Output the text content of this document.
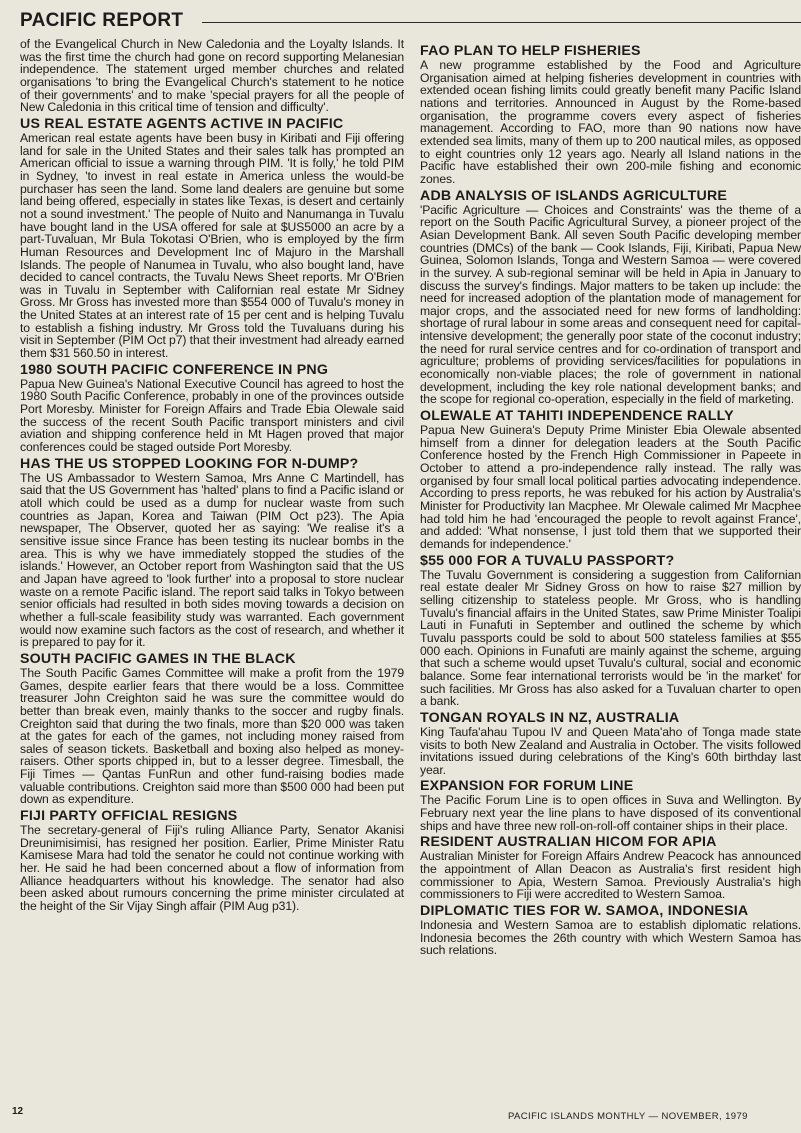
PACIFIC REPORT

of the Evangelical Church in New Caledonia and the Loyalty Islands. It was the first time the church had gone on record supporting Melanesian independence. The statement urged member churches and related organisations 'to bring the Evangelical Church's statement to he notice of their governments' and to make 'special prayers for all the people of New Caledonia in this critical time of tension and difficulty'.

US REAL ESTATE AGENTS ACTIVE IN PACIFIC

American real estate agents have been busy in Kiribati and Fiji offering land for sale in the United States and their sales talk has prompted an American official to issue a warning through PIM. 'It is folly,' he told PIM in Sydney, 'to invest in real estate in America unless the would-be purchaser has seen the land. Some land dealers are genuine but some land being offered, especially in states like Texas, is desert and certainly not a sound investment.' The people of Nuito and Nanumanga in Tuvalu have bought land in the USA offered for sale at $US5000 an acre by a part-Tuvaluan, Mr Bula Tokotasi O'Brien, who is employed by the firm Human Resources and Development Inc of Majuro in the Marshall Islands. The people of Nanumea in Tuvalu, who also bought land, have decided to cancel contracts, the Tuvalu News Sheet reports. Mr O'Brien was in Tuvalu in September with Californian real estate Mr Sidney Gross. Mr Gross has invested more than $554 000 of Tuvalu's money in the United States at an interest rate of 15 per cent and is helping Tuvalu to establish a fishing industry. Mr Gross told the Tuvaluans during his visit in September (PIM Oct p7) that their investment had already earned them $31 560.50 in interest.

1980 SOUTH PACIFIC CONFERENCE IN PNG

Papua New Guinea's National Executive Council has agreed to host the 1980 South Pacific Conference, probably in one of the provinces outside Port Moresby. Minister for Foreign Affairs and Trade Ebia Olewale said the success of the recent South Pacific transport ministers and civil aviation and shipping conference held in Mt Hagen proved that major conferences could be staged outside Port Moresby.

HAS THE US STOPPED LOOKING FOR N-DUMP?

The US Ambassador to Western Samoa, Mrs Anne C Martindell, has said that the US Government has 'halted' plans to find a Pacific island or atoll which could be used as a dump for nuclear waste from such countries as Japan, Korea and Taiwan (PIM Oct p23). The Apia newspaper, The Observer, quoted her as saying: 'We realise it's a sensitive issue since France has been testing its nuclear bombs in the area. This is why we have immediately stopped the studies of the islands.' However, an October report from Washington said that the US and Japan have agreed to 'look further' into a proposal to store nuclear waste on a remote Pacific island. The report said talks in Tokyo between senior officials had resulted in both sides moving towards a decision on whether a full-scale feasibility study was warranted. Each government would now examine such factors as the cost of research, and whether it is prepared to pay for it.

SOUTH PACIFIC GAMES IN THE BLACK

The South Pacific Games Committee will make a profit from the 1979 Games, despite earlier fears that there would be a loss. Committee treasurer John Creighton said he was sure the committee would do better than break even, mainly thanks to the soccer and rugby finals. Creighton said that during the two finals, more than $20 000 was taken at the gates for each of the games, not including money raised from sales of season tickets. Basketball and boxing also helped as money-raisers. Other sports chipped in, but to a lesser degree. Timesball, the Fiji Times — Qantas FunRun and other fund-raising bodies made valuable contributions. Creighton said more than $500 000 had been put down as expenditure.

FIJI PARTY OFFICIAL RESIGNS

The secretary-general of Fiji's ruling Alliance Party, Senator Akanisi Dreunimisimisi, has resigned her position. Earlier, Prime Minister Ratu Kamisese Mara had told the senator he could not continue working with her. He said he had been concerned about a flow of information from Alliance headquarters without his knowledge. The senator had also been asked about rumours concerning the prime minister circulated at the height of the Sir Vijay Singh affair (PIM Aug p31).

FAO PLAN TO HELP FISHERIES

A new programme established by the Food and Agriculture Organisation aimed at helping fisheries development in countries with extended ocean fishing limits could greatly benefit many Pacific Island nations and territories. Announced in August by the Rome-based organisation, the programme covers every aspect of fisheries management. According to FAO, more than 90 nations now have extended sea limits, many of them up to 200 nautical miles, as opposed to eight countries only 12 years ago. Nearly all Island nations in the Pacific have established their own 200-mile fishing and economic zones.

ADB ANALYSIS OF ISLANDS AGRICULTURE

'Pacific Agriculture — Choices and Constraints' was the theme of a report on the South Pacific Agricultural Survey, a pioneer project of the Asian Development Bank. All seven South Pacific developing member countries (DMCs) of the bank — Cook Islands, Fiji, Kiribati, Papua New Guinea, Solomon Islands, Tonga and Western Samoa — were covered in the survey. A sub-regional seminar will be held in Apia in January to discuss the survey's findings. Major matters to be taken up include: the need for increased adoption of the plantation mode of management for major crops, and the associated need for new forms of landholding: shortage of rural labour in some areas and consequent need for capital-intensive development; the generally poor state of the coconut industry; the need for rural service centres and for co-ordination of transport and agriculture; problems of providing services/facilities for populations in economically non-viable places; the role of government in national development, including the key role national development banks; and the scope for regional co-operation, especially in the field of marketing.

OLEWALE AT TAHITI INDEPENDENCE RALLY

Papua New Guinera's Deputy Prime Minister Ebia Olewale absented himself from a dinner for delegation leaders at the South Pacific Conference hosted by the French High Commissioner in Papeete in October to attend a pro-independence rally instead. The rally was organised by four small local political parties advocating independence. According to press reports, he was rebuked for his action by Australia's Minister for Productivity Ian Macphee. Mr Olewale calimed Mr Macphee had told him he had 'encouraged the people to revolt against France', and added: 'What nonsense, I just told them that we supported their demands for independence.'

$55 000 FOR A TUVALU PASSPORT?

The Tuvalu Government is considering a suggestion from Californian real estate dealer Mr Sidney Gross on how to raise $27 million by selling citizenship to stateless people. Mr Gross, who is handling Tuvalu's financial affairs in the United States, saw Prime Minister Toalipi Lauti in Funafuti in September and outlined the scheme by which Tuvalu passports could be sold to about 500 stateless families at $55 000 each. Opinions in Funafuti are mainly against the scheme, arguing that such a scheme would upset Tuvalu's cultural, social and economic balance. Some fear international terrorists would be 'in the market' for such facilities. Mr Gross has also asked for a Tuvaluan charter to open a bank.

TONGAN ROYALS IN NZ, AUSTRALIA

King Taufa'ahau Tupou IV and Queen Mata'aho of Tonga made state visits to both New Zealand and Australia in October. The visits followed invitations issued during celebrations of the King's 60th birthday last year.

EXPANSION FOR FORUM LINE

The Pacific Forum Line is to open offices in Suva and Wellington. By February next year the line plans to have disposed of its conventional ships and have three new roll-on-roll-off container ships in their place.

RESIDENT AUSTRALIAN HICOM FOR APIA

Australian Minister for Foreign Affairs Andrew Peacock has announced the appointment of Allan Deacon as Australia's first resident high commissioner to Apia, Western Samoa. Previously Australia's high commissioners to Fiji were accredited to Western Samoa.

DIPLOMATIC TIES FOR W. SAMOA, INDONESIA

Indonesia and Western Samoa are to establish diplomatic relations. Indonesia becomes the 26th country with which Western Samoa has such relations.

12	PACIFIC ISLANDS MONTHLY — NOVEMBER, 1979
